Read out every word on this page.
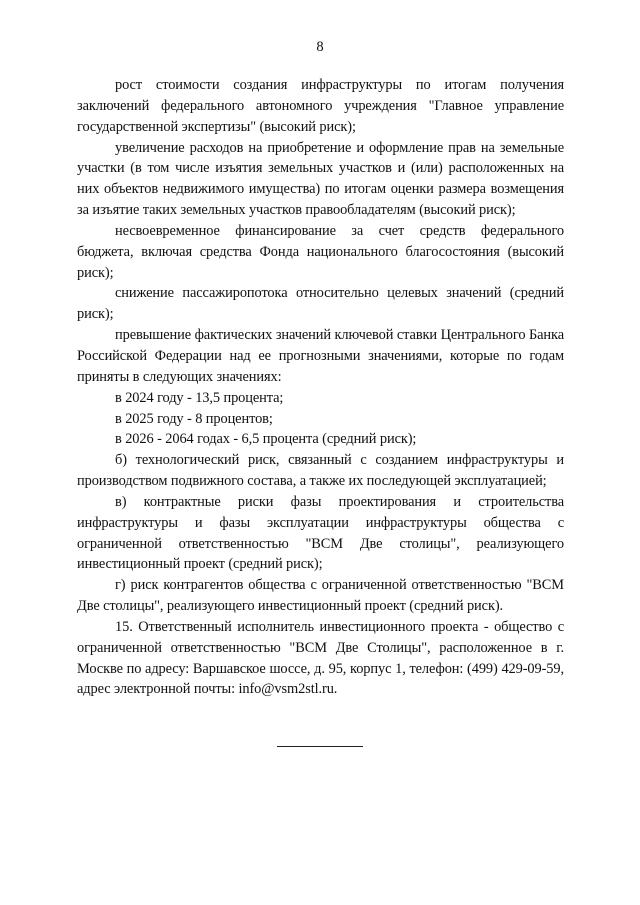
8

рост стоимости создания инфраструктуры по итогам получения заключений федерального автономного учреждения "Главное управление государственной экспертизы" (высокий риск);

увеличение расходов на приобретение и оформление прав на земельные участки (в том числе изъятия земельных участков и (или) расположенных на них объектов недвижимого имущества) по итогам оценки размера возмещения за изъятие таких земельных участков правообладателям (высокий риск);

несвоевременное финансирование за счет средств федерального бюджета, включая средства Фонда национального благосостояния (высокий риск);

снижение пассажиропотока относительно целевых значений (средний риск);

превышение фактических значений ключевой ставки Центрального Банка Российской Федерации над ее прогнозными значениями, которые по годам приняты в следующих значениях:

в 2024 году - 13,5 процента;

в 2025 году - 8 процентов;

в 2026 - 2064 годах - 6,5 процента (средний риск);

б) технологический риск, связанный с созданием инфраструктуры и производством подвижного состава, а также их последующей эксплуатацией;

в) контрактные риски фазы проектирования и строительства инфраструктуры и фазы эксплуатации инфраструктуры общества с ограниченной ответственностью "ВСМ Две столицы", реализующего инвестиционный проект (средний риск);

г) риск контрагентов общества с ограниченной ответственностью "ВСМ Две столицы", реализующего инвестиционный проект (средний риск).

15. Ответственный исполнитель инвестиционного проекта - общество с ограниченной ответственностью "ВСМ Две Столицы", расположенное в г. Москве по адресу: Варшавское шоссе, д. 95, корпус 1, телефон: (499) 429-09-59, адрес электронной почты: info@vsm2stl.ru.
